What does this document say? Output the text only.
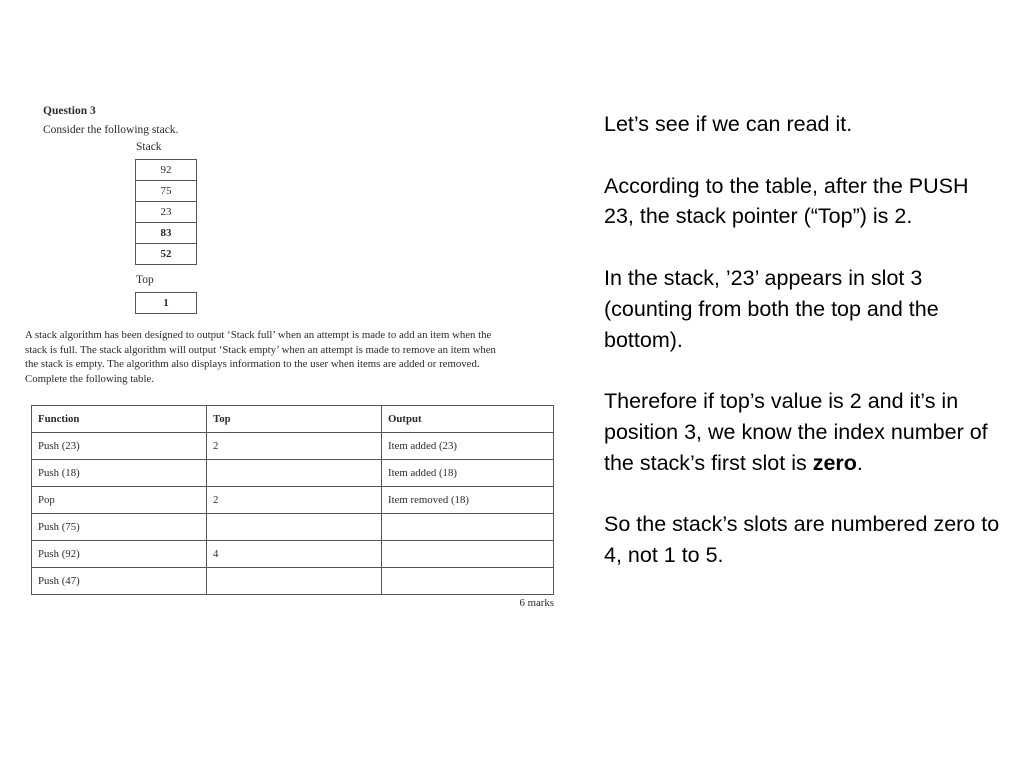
Question 3
Consider the following stack.
Stack
92
75
23
83
52
Top
1

A stack algorithm has been designed to output ‘Stack full’ when an attempt is made to add an item when the

stack is full. The stack algorithm will output ‘Stack empty’ when an attempt is made to remove an item when

the stack is empty. The algorithm also displays information to the user when items are added or removed.

Complete the following table.

Function	Top	Output
Push (23)	2	Item added (23)
Push (18)		Item added (18)
Pop	2	Item removed (18)
Push (75)		
Push (92)	4	
Push (47)		
6 marks

Let’s see if we can read it.

According to the table, after the PUSH 23, the stack pointer (“Top”) is 2.

In the stack, ’23’ appears in slot 3 (counting from both the top and the bottom).

Therefore if top’s value is 2 and it’s in position 3, we know the index number of the stack’s first slot is zero.

So the stack’s slots are numbered zero to 4, not 1 to 5.
